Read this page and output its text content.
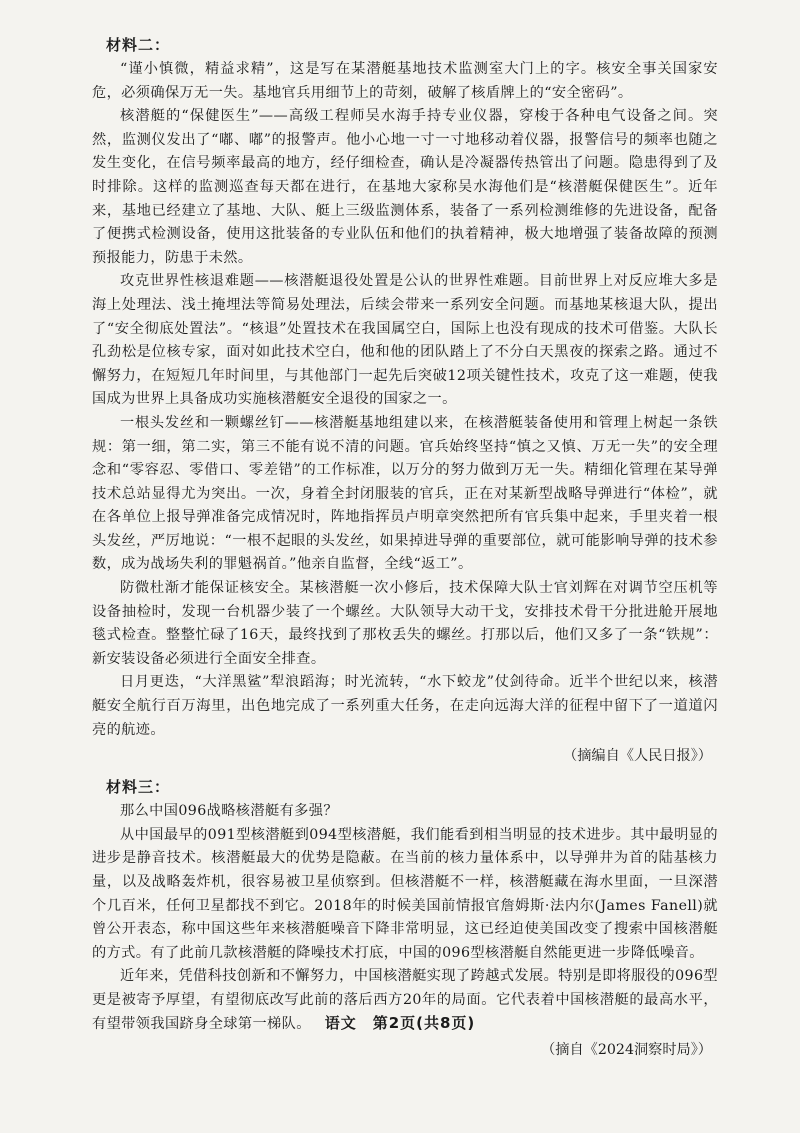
材料二：

“谨小慎微，精益求精”，这是写在某潜艇基地技术监测室大门上的字。核安全事关国家安危，必须确保万无一失。基地官兵用细节上的苛刻，破解了核盾牌上的“安全密码”。

核潜艇的“保健医生”——高级工程师吴水海手持专业仪器，穿梭于各种电气设备之间。突然，监测仪发出了“嘟、嘟”的报警声。他小心地一寸一寸地移动着仪器，报警信号的频率也随之发生变化，在信号频率最高的地方，经仔细检查，确认是冷凝器传热管出了问题。隐患得到了及时排除。这样的监测巡查每天都在进行，在基地大家称吴水海他们是“核潜艇保健医生”。近年来，基地已经建立了基地、大队、艇上三级监测体系，装备了一系列检测维修的先进设备，配备了便携式检测设备，使用这批装备的专业队伍和他们的执着精神，极大地增强了装备故障的预测预报能力，防患于未然。

攻克世界性核退难题——核潜艇退役处置是公认的世界性难题。目前世界上对反应堆大多是海上处理法、浅土掩埋法等简易处理法，后续会带来一系列安全问题。而基地某核退大队，提出了“安全彻底处置法”。“核退”处置技术在我国属空白，国际上也没有现成的技术可借鉴。大队长孔劲松是位核专家，面对如此技术空白，他和他的团队踏上了不分白天黑夜的探索之路。通过不懈努力，在短短几年时间里，与其他部门一起先后突破12项关键性技术，攻克了这一难题，使我国成为世界上具备成功实施核潜艇安全退役的国家之一。

一根头发丝和一颗螺丝钉——核潜艇基地组建以来，在核潜艇装备使用和管理上树起一条铁规：第一细，第二实，第三不能有说不清的问题。官兵始终坚持“慎之又慎、万无一失”的安全理念和“零容忍、零借口、零差错”的工作标准，以万分的努力做到万无一失。精细化管理在某导弹技术总站显得尤为突出。一次，身着全封闭服装的官兵，正在对某新型战略导弹进行“体检”，就在各单位上报导弹准备完成情况时，阵地指挥员卢明章突然把所有官兵集中起来，手里夹着一根头发丝，严厉地说：“一根不起眼的头发丝，如果掉进导弹的重要部位，就可能影响导弹的技术参数，成为战场失利的罪魁祸首。”他亲自监督，全线“返工”。

防微杜渐才能保证核安全。某核潜艇一次小修后，技术保障大队士官刘辉在对调节空压机等设备抽检时，发现一台机器少装了一个螺丝。大队领导大动干戈，安排技术骨干分批进舱开展地毯式检查。整整忙碌了16天，最终找到了那枚丢失的螺丝。打那以后，他们又多了一条“铁规”：新安装设备必须进行全面安全排查。

日月更迭，“大洋黑鲨”犁浪蹈海；时光流转，“水下蛟龙”仗剑待命。近半个世纪以来，核潜艇安全航行百万海里，出色地完成了一系列重大任务，在走向远海大洋的征程中留下了一道道闪亮的航迹。

（摘编自《人民日报》）
材料三：

那么中国096战略核潜艇有多强？

从中国最早的091型核潜艇到094型核潜艇，我们能看到相当明显的技术进步。其中最明显的进步是静音技术。核潜艇最大的优势是隐蔽。在当前的核力量体系中，以导弹井为首的陆基核力量，以及战略轰炸机，很容易被卫星侦察到。但核潜艇不一样，核潜艇藏在海水里面，一旦深潜个几百米，任何卫星都找不到它。2018年的时候美国前情报官詹姆斯·法内尔(James Fanell)就曾公开表态，称中国这些年来核潜艇噪音下降非常明显，这已经迫使美国改变了搜索中国核潜艇的方式。有了此前几款核潜艇的降噪技术打底，中国的096型核潜艇自然能更进一步降低噪音。

近年来，凭借科技创新和不懈努力，中国核潜艇实现了跨越式发展。特别是即将服役的096型更是被寄予厚望，有望彻底改写此前的落后西方20年的局面。它代表着中国核潜艇的最高水平，有望带领我国跻身全球第一梯队。

（摘自《2024洞察时局》）
语文　第2页(共8页)
